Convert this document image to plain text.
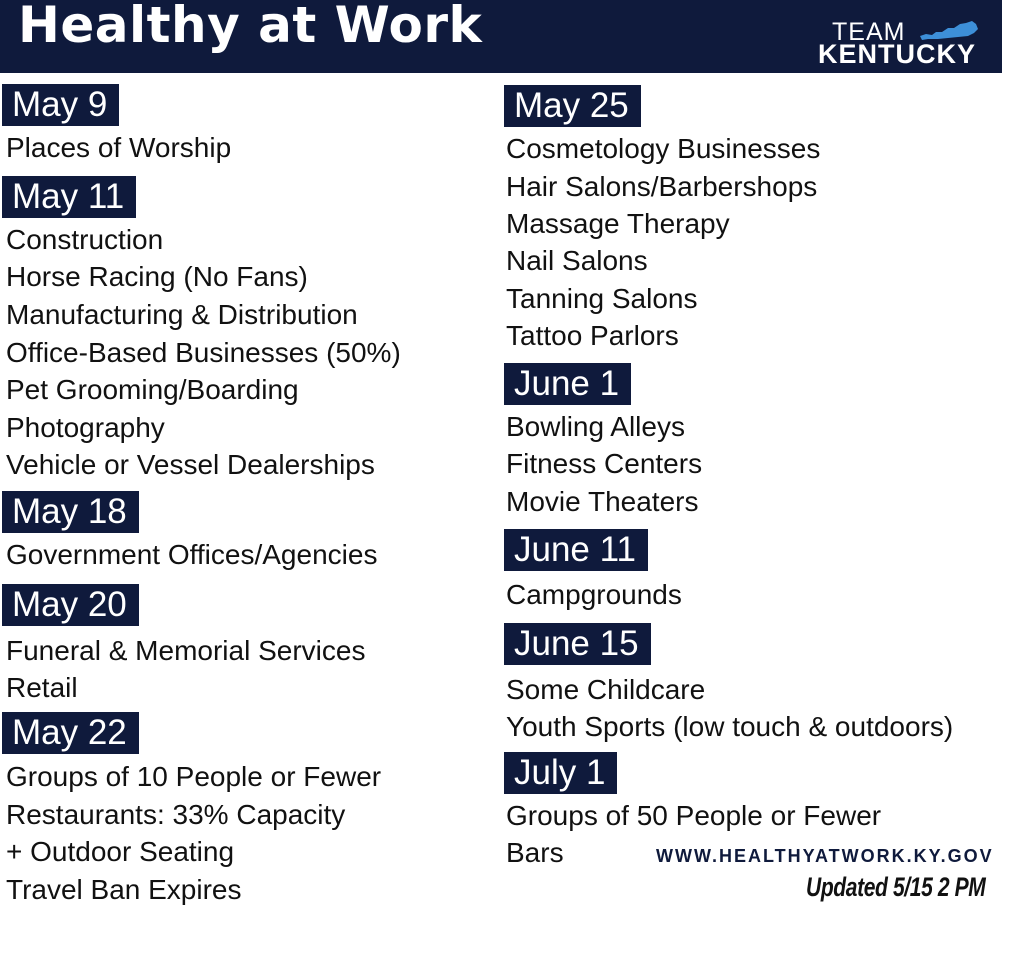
Healthy at Work	TEAM
KENTUCKY
May 9
Places of Worship
May 11
Construction
Horse Racing (No Fans)
Manufacturing & Distribution
Office-Based Businesses (50%)
Pet Grooming/Boarding
Photography
Vehicle or Vessel Dealerships
May 18
Government Offices/Agencies
May 20
Funeral & Memorial Services
Retail
May 22
Groups of 10 People or Fewer
Restaurants: 33% Capacity
+ Outdoor Seating
Travel Ban Expires
May 25
Cosmetology Businesses
Hair Salons/Barbershops
Massage Therapy
Nail Salons
Tanning Salons
Tattoo Parlors
June 1
Bowling Alleys
Fitness Centers
Movie Theaters
June 11
Campgrounds
June 15
Some Childcare
Youth Sports (low touch & outdoors)
July 1
Groups of 50 People or Fewer
Bars	WWW.HEALTHYATWORK.KY.GOV
Updated 5/15 2 PM
